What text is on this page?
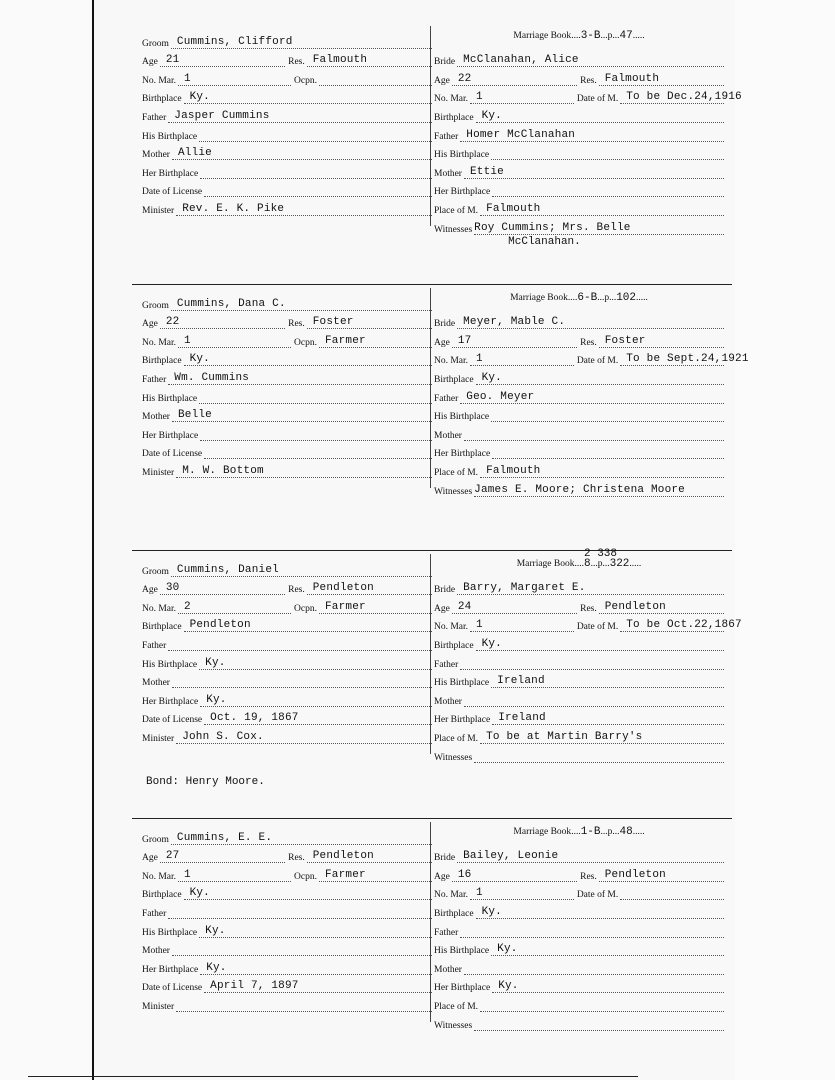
Groom Cummins, Clifford
Age 21	Res. Falmouth
No. Mar. 1	Ocpn.
Birthplace Ky.
Father Jasper Cummins
His Birthplace
Mother Allie
Her Birthplace
Date of License
Minister Rev. E. K. Pike
Marriage Book....3-B...p...47.....
Bride McClanahan, Alice
Age 22	Res. Falmouth
No. Mar. 1	Date of M. To be Dec.24,1916
Birthplace Ky.
Father Homer McClanahan
His Birthplace
Mother Ettie
Her Birthplace
Place of M. Falmouth
Witnesses Roy Cummins; Mrs. Belle
McClanahan.
Groom Cummins, Dana C.
Age 22	Res. Foster
No. Mar. 1	Ocpn. Farmer
Birthplace Ky.
Father Wm. Cummins
His Birthplace
Mother Belle
Her Birthplace
Date of License
Minister M. W. Bottom
Marriage Book....6-B...p...102.....
Bride Meyer, Mable C.
Age 17	Res. Foster
No. Mar. 1	Date of M. To be Sept.24,1921
Birthplace Ky.
Father Geo. Meyer
His Birthplace
Mother
Her Birthplace
Place of M. Falmouth
Witnesses James E. Moore; Christena Moore
Groom Cummins, Daniel
Age 30	Res. Pendleton
No. Mar. 2	Ocpn. Farmer
Birthplace Pendleton
Father
His Birthplace Ky.
Mother
Her Birthplace Ky.
Date of License Oct. 19, 1867
Minister John S. Cox.
2 338
Marriage Book....8...p...322.....
Bride Barry, Margaret E.
Age 24	Res. Pendleton
No. Mar. 1	Date of M. To be Oct.22,1867
Birthplace Ky.
Father
His Birthplace Ireland
Mother
Her Birthplace Ireland
Place of M. To be at Martin Barry's
Witnesses
Bond: Henry Moore.
Groom Cummins, E. E.
Age 27	Res. Pendleton
No. Mar. 1	Ocpn. Farmer
Birthplace Ky.
Father
His Birthplace Ky.
Mother
Her Birthplace Ky.
Date of License April 7, 1897
Minister
Marriage Book....1-B...p...48.....
Bride Bailey, Leonie
Age 16	Res. Pendleton
No. Mar. 1	Date of M.
Birthplace Ky.
Father
His Birthplace Ky.
Mother
Her Birthplace Ky.
Place of M.
Witnesses
